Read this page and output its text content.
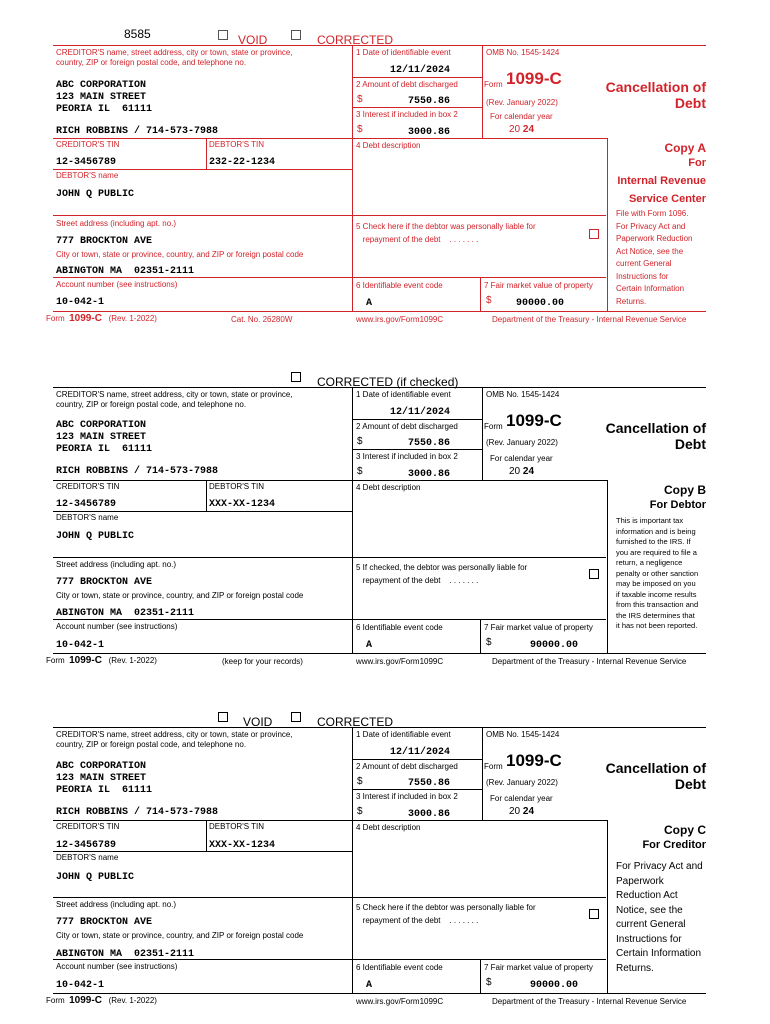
8585	VOID	CORRECTED
CREDITOR'S name, street address, city or town, state or province,
country, ZIP or foreign postal code, and telephone no.
ABC CORPORATION
123 MAIN STREET
PEORIA IL  61111
RICH ROBBINS / 714-573-7988
CREDITOR'S TIN	DEBTOR'S TIN
12-3456789	232-22-1234
DEBTOR'S name
JOHN Q PUBLIC
Street address (including apt. no.)
777 BROCKTON AVE
City or town, state or province, country, and ZIP or foreign postal code
ABINGTON MA  02351-2111
Account number (see instructions)
10-042-1
1 Date of identifiable event
12/11/2024
2 Amount of debt discharged
$	7550.86
3 Interest if included in box 2
$	3000.86
4 Debt description
5 Check here if the debtor was personally liable for
repayment of the debt . . . . . . .
6 Identifiable event code
A
7 Fair market value of property
$ 90000.00
OMB No. 1545-1424
Form 1099-C
(Rev. January 2022)
For calendar year
20 24
Cancellation of Debt
Copy A
For
Internal Revenue
Service Center
File with Form 1096.
For Privacy Act and
Paperwork Reduction
Act Notice, see the
current General
Instructions for
Certain Information
Returns.
Form 1099-C (Rev. 1-2022)	Cat. No. 26280W	www.irs.gov/Form1099C	Department of the Treasury - Internal Revenue Service
CORRECTED (if checked)
CREDITOR'S name, street address, city or town, state or province,
country, ZIP or foreign postal code, and telephone no.
ABC CORPORATION
123 MAIN STREET
PEORIA IL  61111
RICH ROBBINS / 714-573-7988
CREDITOR'S TIN	DEBTOR'S TIN
12-3456789	XXX-XX-1234
DEBTOR'S name
JOHN Q PUBLIC
Street address (including apt. no.)
777 BROCKTON AVE
City or town, state or province, country, and ZIP or foreign postal code
ABINGTON MA  02351-2111
Account number (see instructions)
10-042-1
1 Date of identifiable event
12/11/2024
2 Amount of debt discharged
$	7550.86
3 Interest if included in box 2
$	3000.86
4 Debt description
5 If checked, the debtor was personally liable for
repayment of the debt . . . . . . .
6 Identifiable event code
A
7 Fair market value of property
$	90000.00
OMB No. 1545-1424
Form 1099-C
(Rev. January 2022)
For calendar year
20 24
Cancellation of Debt
Copy B
For Debtor
This is important tax
information and is being
furnished to the IRS. If
you are required to file a
return, a negligence
penalty or other sanction
may be imposed on you
if taxable income results
from this transaction and
the IRS determines that
it has not been reported.
Form 1099-C (Rev. 1-2022)	(keep for your records)	www.irs.gov/Form1099C	Department of the Treasury - Internal Revenue Service
VOID	CORRECTED
CREDITOR'S name, street address, city or town, state or province,
country, ZIP or foreign postal code, and telephone no.
ABC CORPORATION
123 MAIN STREET
PEORIA IL  61111
RICH ROBBINS / 714-573-7988
CREDITOR'S TIN	DEBTOR'S TIN
12-3456789	XXX-XX-1234
DEBTOR'S name
JOHN Q PUBLIC
Street address (including apt. no.)
777 BROCKTON AVE
City or town, state or province, country, and ZIP or foreign postal code
ABINGTON MA  02351-2111
Account number (see instructions)
10-042-1
1 Date of identifiable event
12/11/2024
2 Amount of debt discharged
$	7550.86
3 Interest if included in box 2
$	3000.86
4 Debt description
5 Check here if the debtor was personally liable for
repayment of the debt . . . . . . .
6 Identifiable event code
A
7 Fair market value of property
$	90000.00
OMB No. 1545-1424
Form 1099-C
(Rev. January 2022)
For calendar year
20 24
Cancellation of Debt
Copy C
For Creditor
For Privacy Act and
Paperwork
Reduction Act
Notice, see the
current General
Instructions for
Certain Information
Returns.
Form 1099-C (Rev. 1-2022)	www.irs.gov/Form1099C	Department of the Treasury - Internal Revenue Service
